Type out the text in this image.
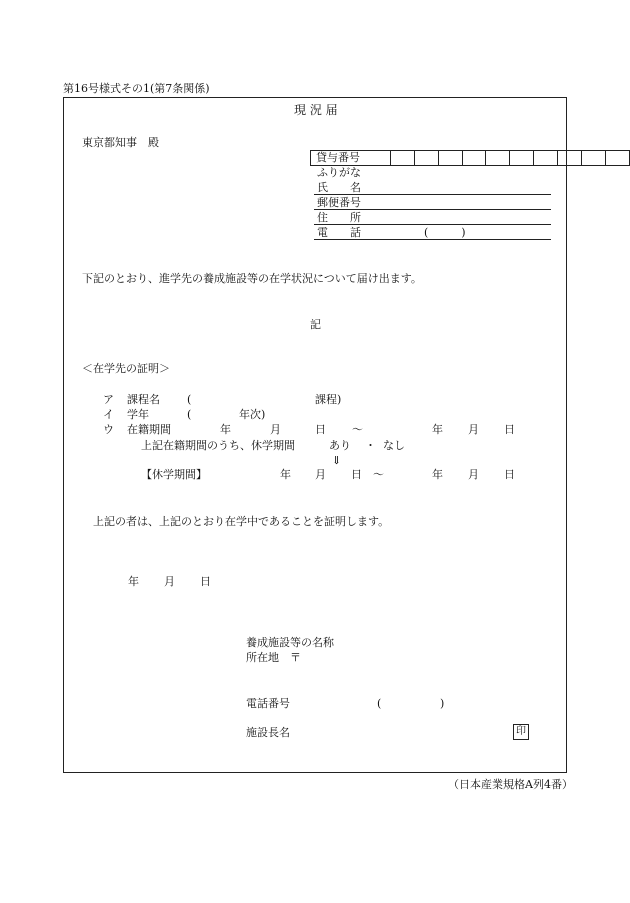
第16号様式その1(第7条関係)
現 況 届
東京都知事　殿
貸与番号										
ふりがな
氏　　名
郵便番号
住　　所
電　　話	(　　　)
下記のとおり、進学先の養成施設等の在学状況について届け出ます。
記
＜在学先の証明＞
ア 課程名 (	課程)
イ 学年	(	年次)
ウ 在籍期間	年	月	日 ～	年 月 日
上記在籍期間のうち、休学期間	あり ・ なし
⇓
【休学期間】	年 月 日 ～	年 月 日
上記の者は、上記のとおり在学中であることを証明します。
年 月 日
養成施設等の名称
所在地　〒
電話番号	(	)
施設長名	印
（日本産業規格A列4番）
